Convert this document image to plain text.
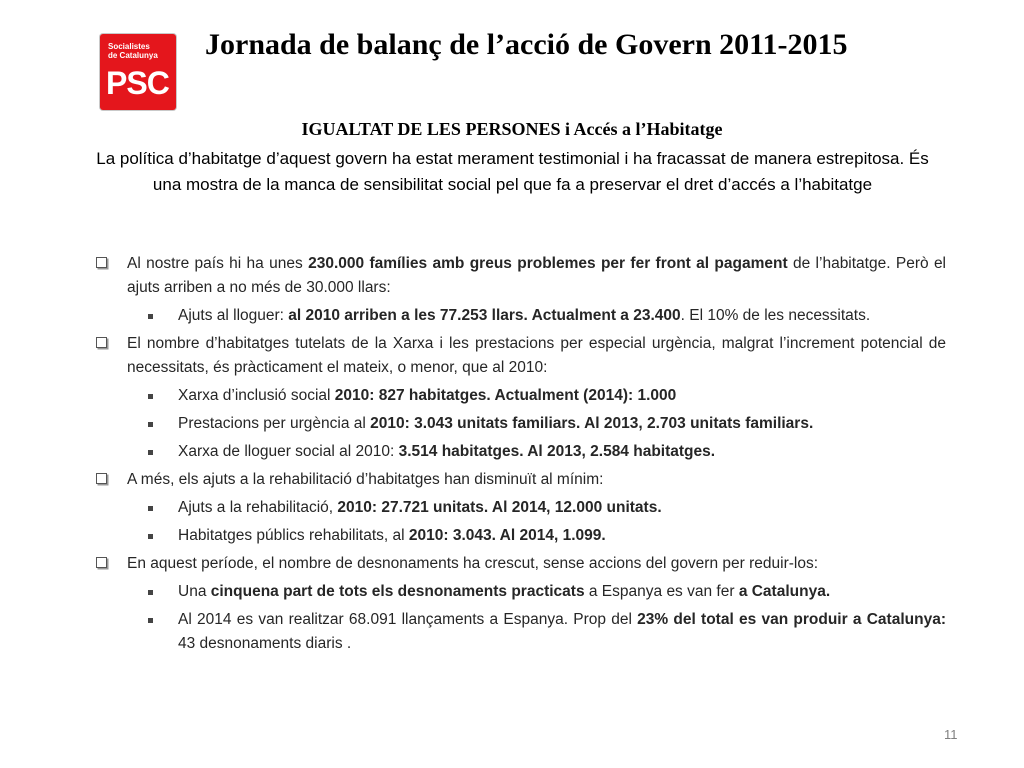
Socialistes
de Catalunya
PSC
Jornada de balanç de l’acció de Govern 2011-2015
IGUALTAT DE LES PERSONES i Accés a l’Habitatge
La política d’habitatge d’aquest govern ha estat merament testimonial i ha fracassat de manera estrepitosa. És una mostra de la manca de sensibilitat social pel que fa a preservar el dret d’accés a l’habitatge
Al nostre país hi ha unes 230.000 famílies amb greus problemes per fer front al pagament de l’habitatge. Però el ajuts arriben a no més de 30.000 llars:
Ajuts al lloguer: al 2010 arriben a les 77.253 llars. Actualment a 23.400. El 10% de les necessitats.
El nombre d’habitatges tutelats de la Xarxa i les prestacions per especial urgència, malgrat l’increment potencial de necessitats, és pràcticament el mateix, o menor, que al 2010:
Xarxa d’inclusió social 2010: 827 habitatges. Actualment (2014): 1.000
Prestacions per urgència al 2010: 3.043 unitats familiars. Al 2013, 2.703 unitats familiars.
Xarxa de lloguer social al 2010: 3.514 habitatges. Al 2013, 2.584 habitatges.
A més, els ajuts a la rehabilitació d’habitatges han disminuït al mínim:
Ajuts a la rehabilitació, 2010: 27.721 unitats. Al 2014, 12.000 unitats.
Habitatges públics rehabilitats, al 2010: 3.043. Al 2014, 1.099.
En aquest període, el nombre de desnonaments ha crescut, sense accions del govern per reduir-los:
Una cinquena part de tots els desnonaments practicats a Espanya es van fer a Catalunya.
Al 2014 es van realitzar 68.091 llançaments a Espanya. Prop del 23% del total es van produir a Catalunya: 43 desnonaments diaris .
11
